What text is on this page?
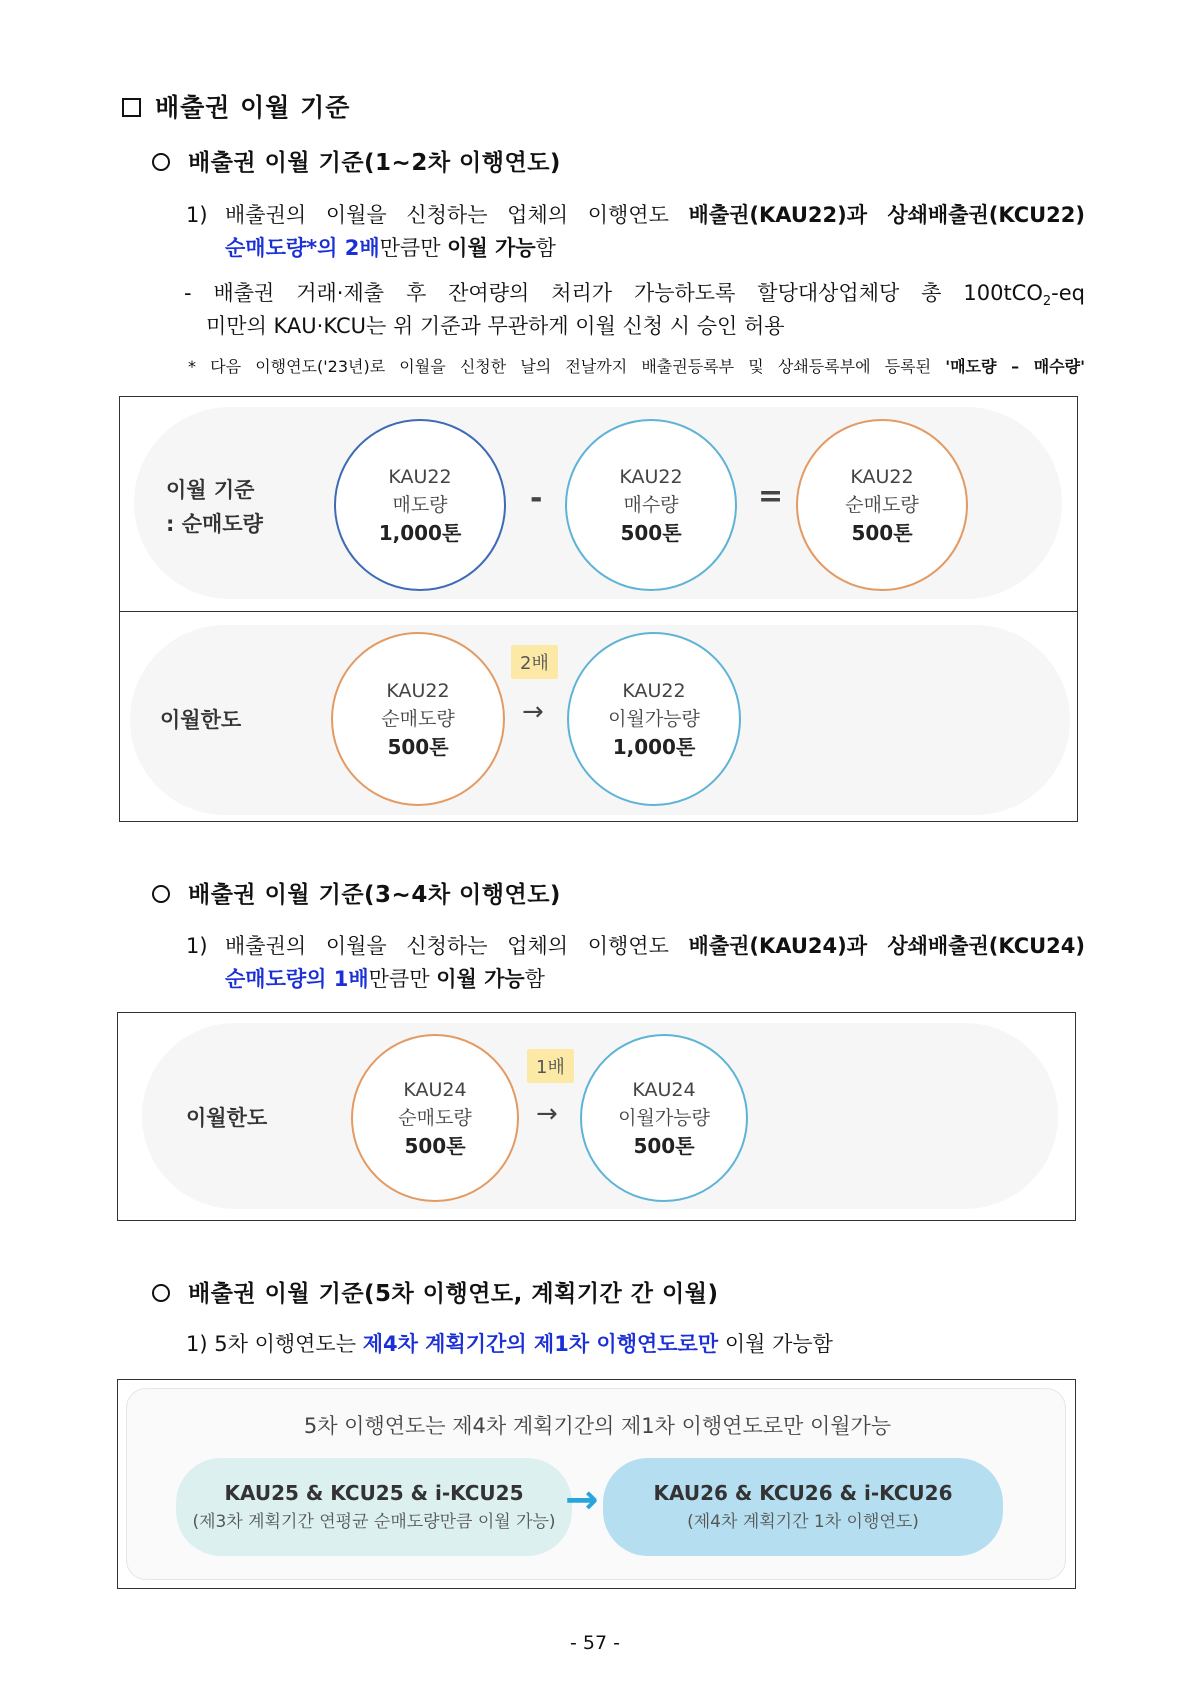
배출권 이월 기준
배출권 이월 기준(1~2차 이행연도)
1) 배출권의 이월을 신청하는 업체의 이행연도 배출권(KAU22)과 상쇄배출권(KCU22)
순매도량*의 2배만큼만 이월 가능함
- 배출권 거래·제출 후 잔여량의 처리가 가능하도록 할당대상업체당 총 100tCO$_2$-eq
미만의 KAU·KCU는 위 기준과 무관하게 이월 신청 시 승인 허용
* 다음 이행연도('23년)로 이월을 신청한 날의 전날까지 배출권등록부 및 상쇄등록부에 등록된 '매도량 – 매수량'
이월 기준
: 순매도량
KAU22
매도량
1,000톤
-
KAU22
매수량
500톤
=
KAU22
순매도량
500톤
이월한도
KAU22
순매도량
500톤
2배
→
KAU22
이월가능량
1,000톤
배출권 이월 기준(3~4차 이행연도)
1) 배출권의 이월을 신청하는 업체의 이행연도 배출권(KAU24)과 상쇄배출권(KCU24)
순매도량의 1배만큼만 이월 가능함
이월한도
KAU24
순매도량
500톤
1배
→
KAU24
이월가능량
500톤
배출권 이월 기준(5차 이행연도, 계획기간 간 이월)
1) 5차 이행연도는 제4차 계획기간의 제1차 이행연도로만 이월 가능함
5차 이행연도는 제4차 계획기간의 제1차 이행연도로만 이월가능
KAU25 & KCU25 & i-KCU25
(제3차 계획기간 연평균 순매도량만큼 이월 가능) →	KAU26 & KCU26 & i-KCU26
(제4차 계획기간 1차 이행연도)
- 57 -
